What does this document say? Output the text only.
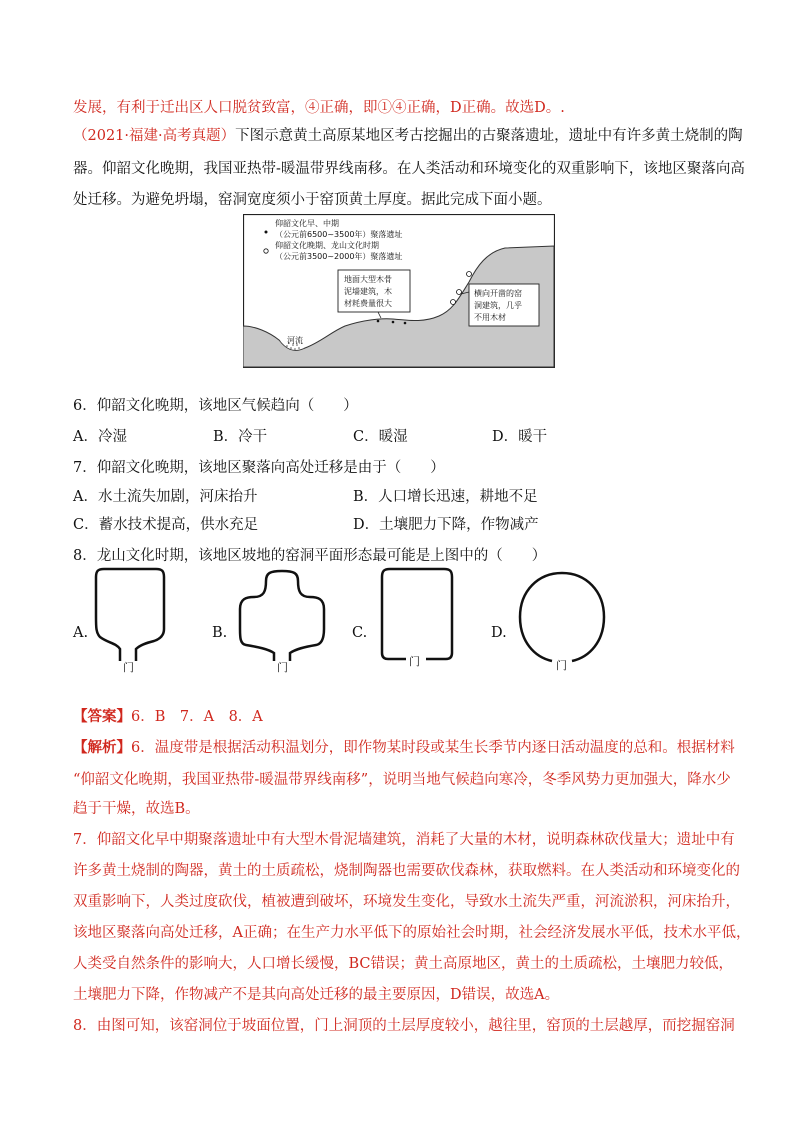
发展，有利于迁出区人口脱贫致富，④正确，即①④正确，D正确。故选D。.
（2021·福建·高考真题）下图示意黄土高原某地区考古挖掘出的古聚落遗址，遗址中有许多黄土烧制的陶
器。仰韶文化晚期，我国亚热带-暖温带界线南移。在人类活动和环境变化的双重影响下，该地区聚落向高
处迁移。为避免坍塌，窑洞宽度须小于窑顶黄土厚度。据此完成下面小题。
河流
仰韶文化早、中期
（公元前6500~3500年）聚落遗址
仰韶文化晚期、龙山文化时期
（公元前3500~2000年）聚落遗址
地面大型木骨
泥墙建筑，木
材耗费量很大
横向开凿的窑
洞建筑，几乎
不用木材
6．仰韶文化晚期，该地区气候趋向（　　）
A．冷湿	B．冷干	C．暖湿	D．暖干
7．仰韶文化晚期，该地区聚落向高处迁移是由于（　　）
A．水土流失加剧，河床抬升	B．人口增长迅速，耕地不足
C．蓄水技术提高，供水充足	D．土壤肥力下降，作物减产
8．龙山文化时期，该地区坡地的窑洞平面形态最可能是上图中的（　　）
A.
门
B.
门
C.
门
D.
门
【答案】6．B　7．A　8．A
【解析】6．温度带是根据活动积温划分，即作物某时段或某生长季节内逐日活动温度的总和。根据材料
“仰韶文化晚期，我国亚热带-暖温带界线南移”，说明当地气候趋向寒冷，冬季风势力更加强大，降水少
趋于干燥，故选B。
7．仰韶文化早中期聚落遗址中有大型木骨泥墙建筑，消耗了大量的木材，说明森林砍伐量大；遗址中有
许多黄土烧制的陶器，黄土的土质疏松，烧制陶器也需要砍伐森林，获取燃料。在人类活动和环境变化的
双重影响下，人类过度砍伐，植被遭到破坏，环境发生变化，导致水土流失严重，河流淤积，河床抬升，
该地区聚落向高处迁移，A正确；在生产力水平低下的原始社会时期，社会经济发展水平低，技术水平低，
人类受自然条件的影响大，人口增长缓慢，BC错误；黄土高原地区，黄土的土质疏松，土壤肥力较低，
土壤肥力下降，作物减产不是其向高处迁移的最主要原因，D错误，故选A。
8．由图可知，该窑洞位于坡面位置，门上洞顶的土层厚度较小，越往里，窑顶的土层越厚，而挖掘窑洞
